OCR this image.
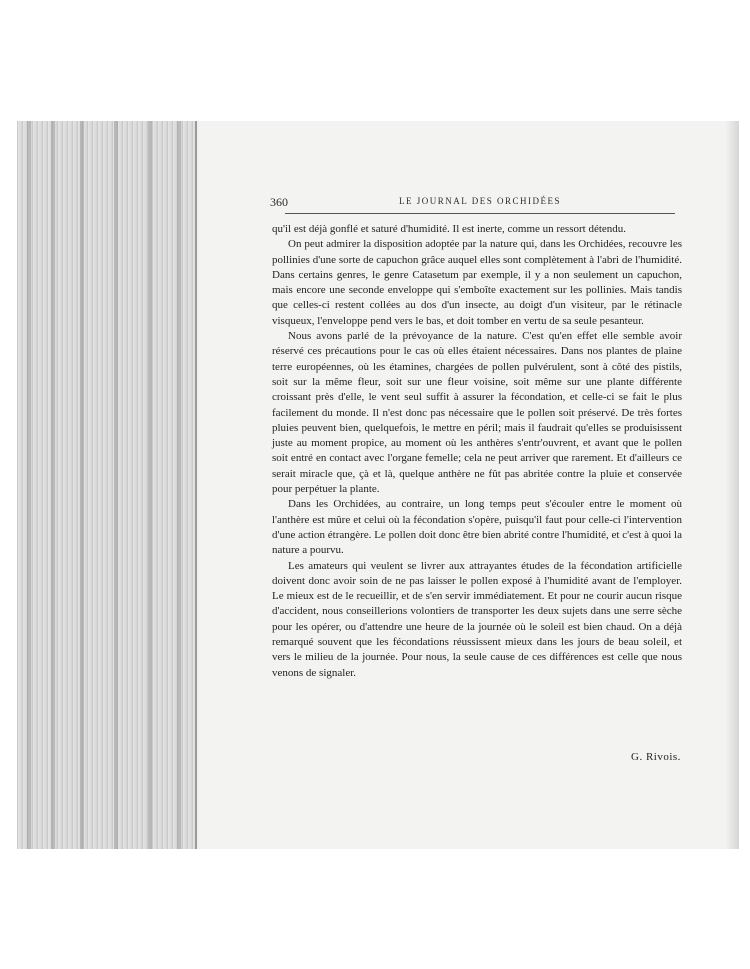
360	LE JOURNAL DES ORCHIDÉES

qu'il est déjà gonflé et saturé d'humidité. Il est inerte, comme un ressort détendu.

On peut admirer la disposition adoptée par la nature qui, dans les Orchidées, recouvre les pollinies d'une sorte de capuchon grâce auquel elles sont complètement à l'abri de l'humidité. Dans certains genres, le genre Catasetum par exemple, il y a non seulement un capuchon, mais encore une seconde enveloppe qui s'emboîte exactement sur les pollinies. Mais tandis que celles-ci restent collées au dos d'un insecte, au doigt d'un visiteur, par le rétinacle visqueux, l'enveloppe pend vers le bas, et doit tomber en vertu de sa seule pesanteur.

Nous avons parlé de la prévoyance de la nature. C'est qu'en effet elle semble avoir réservé ces précautions pour le cas où elles étaient nécessaires. Dans nos plantes de plaine terre européennes, où les étamines, chargées de pollen pulvérulent, sont à côté des pistils, soit sur la même fleur, soit sur une fleur voisine, soit même sur une plante différente croissant près d'elle, le vent seul suffit à assurer la fécondation, et celle-ci se fait le plus facilement du monde. Il n'est donc pas nécessaire que le pollen soit préservé. De très fortes pluies peuvent bien, quelquefois, le mettre en péril; mais il faudrait qu'elles se produisissent juste au moment propice, au moment où les anthères s'entr'ouvrent, et avant que le pollen soit entré en contact avec l'organe femelle; cela ne peut arriver que rarement. Et d'ailleurs ce serait miracle que, çà et là, quelque anthère ne fût pas abritée contre la pluie et conservée pour perpétuer la plante.

Dans les Orchidées, au contraire, un long temps peut s'écouler entre le moment où l'anthère est mûre et celui où la fécondation s'opère, puisqu'il faut pour celle-ci l'intervention d'une action étrangère. Le pollen doit donc être bien abrité contre l'humidité, et c'est à quoi la nature a pourvu.

Les amateurs qui veulent se livrer aux attrayantes études de la fécondation artificielle doivent donc avoir soin de ne pas laisser le pollen exposé à l'humidité avant de l'employer. Le mieux est de le recueillir, et de s'en servir immédiatement. Et pour ne courir aucun risque d'accident, nous conseillerions volontiers de transporter les deux sujets dans une serre sèche pour les opérer, ou d'attendre une heure de la journée où le soleil est bien chaud. On a déjà remarqué souvent que les fécondations réussissent mieux dans les jours de beau soleil, et vers le milieu de la journée. Pour nous, la seule cause de ces différences est celle que nous venons de signaler.

G. Rivois.
